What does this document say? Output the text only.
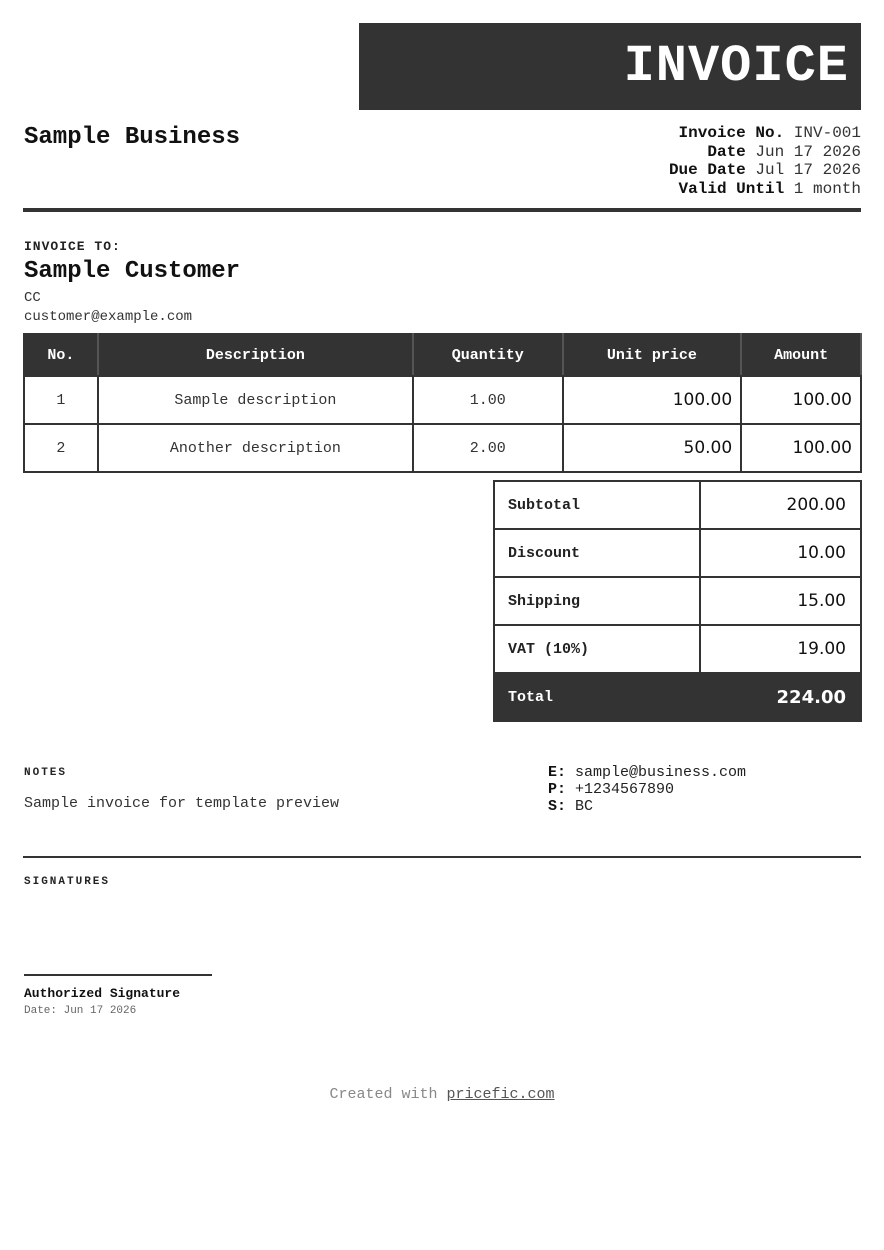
INVOICE
Sample Business	Invoice No. INV-001
Date Jun 17 2026
Due Date Jul 17 2026
Valid Until 1 month
INVOICE TO:
Sample Customer
CC
customer@example.com
No.	Description	Quantity	Unit price	Amount
1	Sample description	1.00	100.00	100.00
2	Another description	2.00	50.00	100.00
Subtotal	200.00
Discount	10.00
Shipping	15.00
VAT (10%)	19.00
Total	224.00
NOTES
Sample invoice for template preview
E: sample@business.com
P: +1234567890
S: BC
SIGNATURES
Authorized Signature
Date: Jun 17 2026
Created with pricefic.com
